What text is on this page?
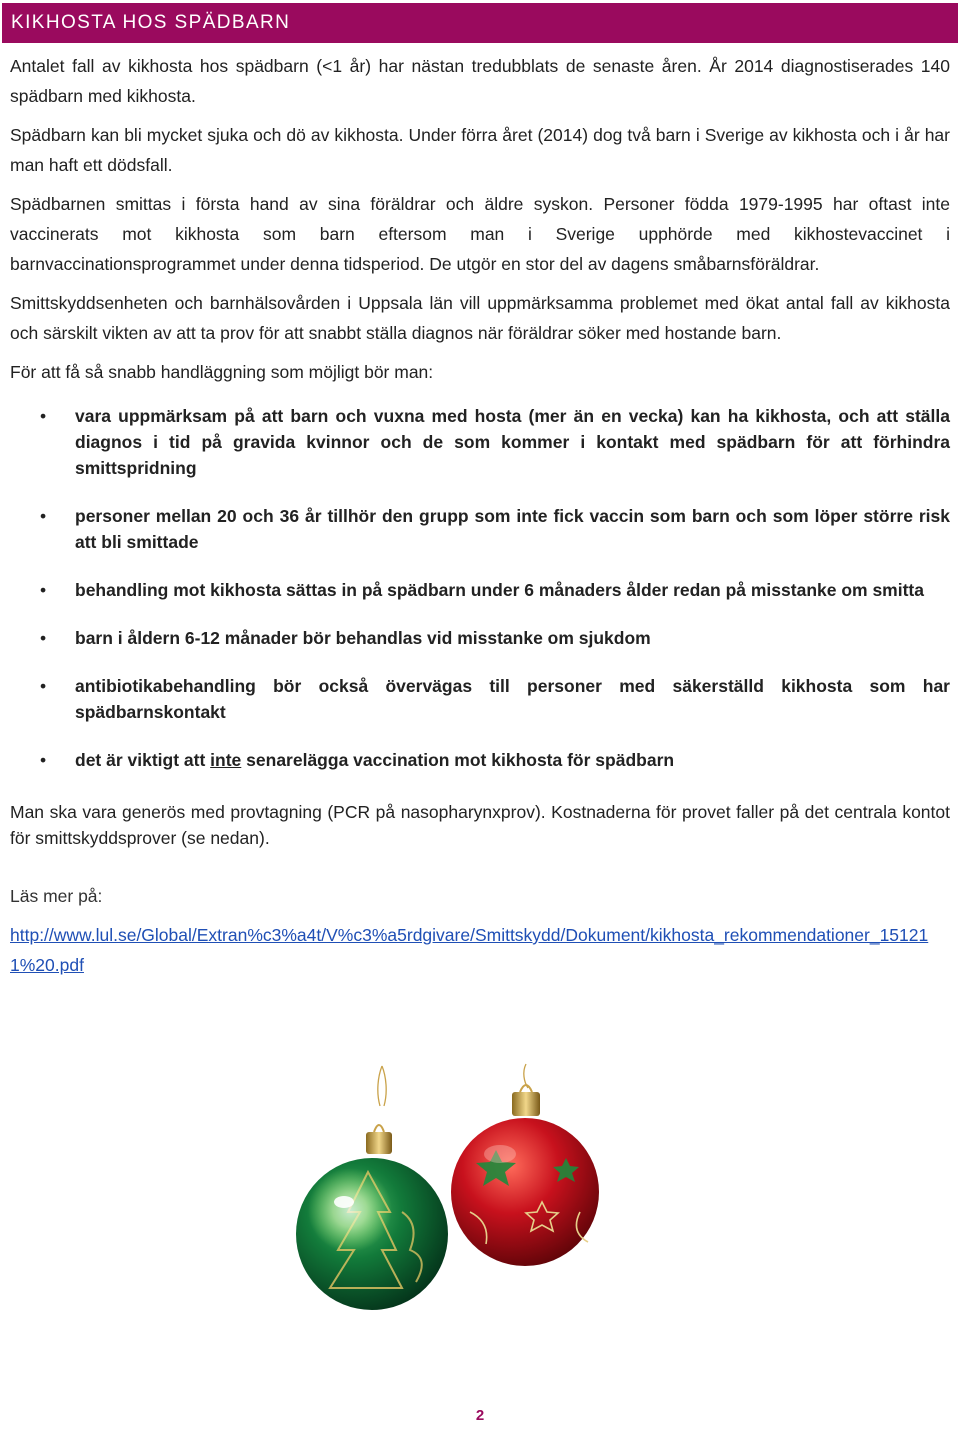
KIKHOSTA HOS SPÄDBARN

Antalet fall av kikhosta hos spädbarn (<1 år) har nästan tredubblats de senaste åren. År 2014 diagnostiserades 140 spädbarn med kikhosta.

Spädbarn kan bli mycket sjuka och dö av kikhosta. Under förra året (2014) dog två barn i Sverige av kikhosta och i år har man haft ett dödsfall.

Spädbarnen smittas i första hand av sina föräldrar och äldre syskon. Personer födda 1979-1995 har oftast inte vaccinerats mot kikhosta som barn eftersom man i Sverige upphörde med kikhostevaccinet i barnvaccinationsprogrammet under denna tidsperiod. De utgör en stor del av dagens småbarnsföräldrar.

Smittskyddsenheten och barnhälsovården i Uppsala län vill uppmärksamma problemet med ökat antal fall av kikhosta och särskilt vikten av att ta prov för att snabbt ställa diagnos när föräldrar söker med hostande barn.

För att få så snabb handläggning som möjligt bör man:

• vara uppmärksam på att barn och vuxna med hosta (mer än en vecka) kan ha kikhosta, och att ställa diagnos i tid på gravida kvinnor och de som kommer i kontakt med spädbarn för att förhindra smittspridning
• personer mellan 20 och 36 år tillhör den grupp som inte fick vaccin som barn och som löper större risk att bli smittade
• behandling mot kikhosta sättas in på spädbarn under 6 månaders ålder redan på misstanke om smitta
• barn i åldern 6-12 månader bör behandlas vid misstanke om sjukdom
• antibiotikabehandling bör också övervägas till personer med säkerställd kikhosta som har spädbarnskontakt
• det är viktigt att inte senarelägga vaccination mot kikhosta för spädbarn

Man ska vara generös med provtagning (PCR på nasopharynxprov). Kostnaderna för provet faller på det centrala kontot för smittskyddsprover (se nedan).

Läs mer på:

http://www.lul.se/Global/Extran%c3%a4t/V%c3%a5rdgivare/Smittskydd/Dokument/kikhosta_rekommendationer_151211%20.pdf

2
